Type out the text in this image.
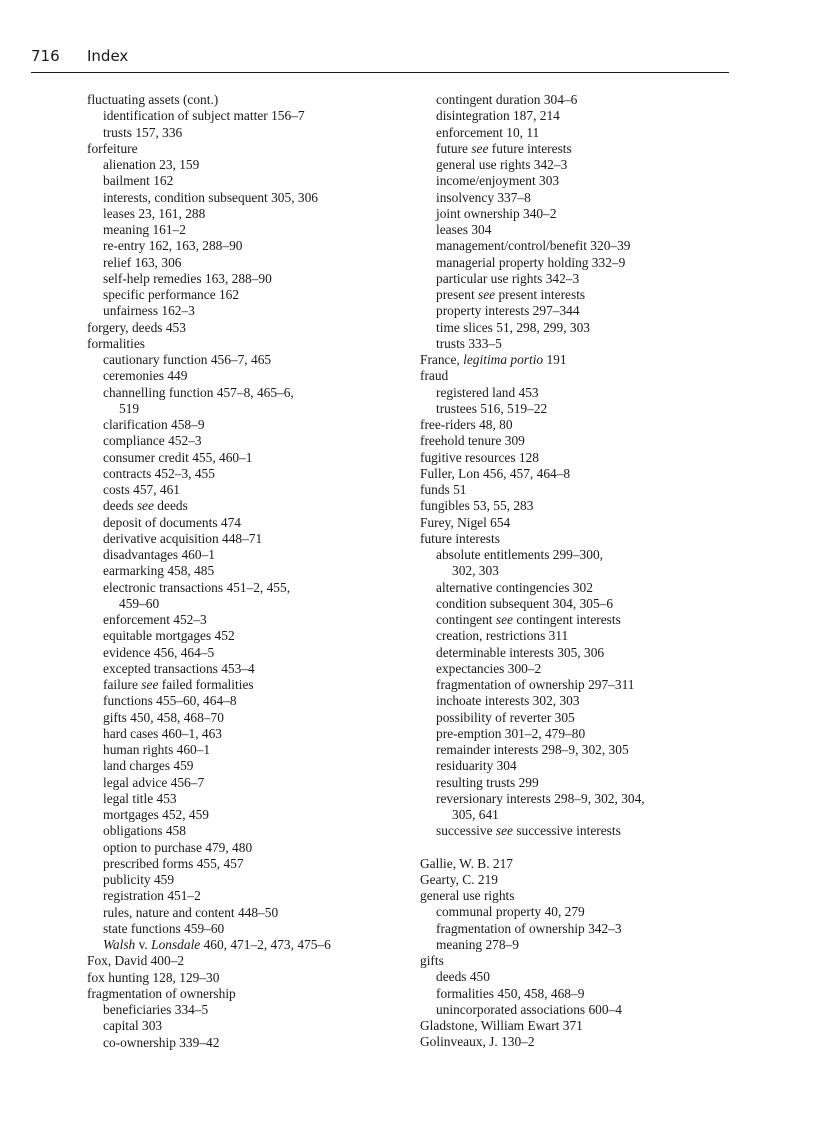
716 Index
fluctuating assets (cont.)
identification of subject matter 156–7
trusts 157, 336
forfeiture
alienation 23, 159
bailment 162
interests, condition subsequent 305, 306
leases 23, 161, 288
meaning 161–2
re-entry 162, 163, 288–90
relief 163, 306
self-help remedies 163, 288–90
specific performance 162
unfairness 162–3
forgery, deeds 453
formalities
cautionary function 456–7, 465
ceremonies 449
channelling function 457–8, 465–6,
519
clarification 458–9
compliance 452–3
consumer credit 455, 460–1
contracts 452–3, 455
costs 457, 461
deeds see deeds
deposit of documents 474
derivative acquisition 448–71
disadvantages 460–1
earmarking 458, 485
electronic transactions 451–2, 455,
459–60
enforcement 452–3
equitable mortgages 452
evidence 456, 464–5
excepted transactions 453–4
failure see failed formalities
functions 455–60, 464–8
gifts 450, 458, 468–70
hard cases 460–1, 463
human rights 460–1
land charges 459
legal advice 456–7
legal title 453
mortgages 452, 459
obligations 458
option to purchase 479, 480
prescribed forms 455, 457
publicity 459
registration 451–2
rules, nature and content 448–50
state functions 459–60
Walsh v. Lonsdale 460, 471–2, 473, 475–6
Fox, David 400–2
fox hunting 128, 129–30
fragmentation of ownership
beneficiaries 334–5
capital 303
co-ownership 339–42
contingent duration 304–6
disintegration 187, 214
enforcement 10, 11
future see future interests
general use rights 342–3
income/enjoyment 303
insolvency 337–8
joint ownership 340–2
leases 304
management/control/benefit 320–39
managerial property holding 332–9
particular use rights 342–3
present see present interests
property interests 297–344
time slices 51, 298, 299, 303
trusts 333–5
France, legitima portio 191
fraud
registered land 453
trustees 516, 519–22
free-riders 48, 80
freehold tenure 309
fugitive resources 128
Fuller, Lon 456, 457, 464–8
funds 51
fungibles 53, 55, 283
Furey, Nigel 654
future interests
absolute entitlements 299–300,
302, 303
alternative contingencies 302
condition subsequent 304, 305–6
contingent see contingent interests
creation, restrictions 311
determinable interests 305, 306
expectancies 300–2
fragmentation of ownership 297–311
inchoate interests 302, 303
possibility of reverter 305
pre-emption 301–2, 479–80
remainder interests 298–9, 302, 305
residuarity 304
resulting trusts 299
reversionary interests 298–9, 302, 304,
305, 641
successive see successive interests
Gallie, W. B. 217
Gearty, C. 219
general use rights
communal property 40, 279
fragmentation of ownership 342–3
meaning 278–9
gifts
deeds 450
formalities 450, 458, 468–9
unincorporated associations 600–4
Gladstone, William Ewart 371
Golinveaux, J. 130–2
